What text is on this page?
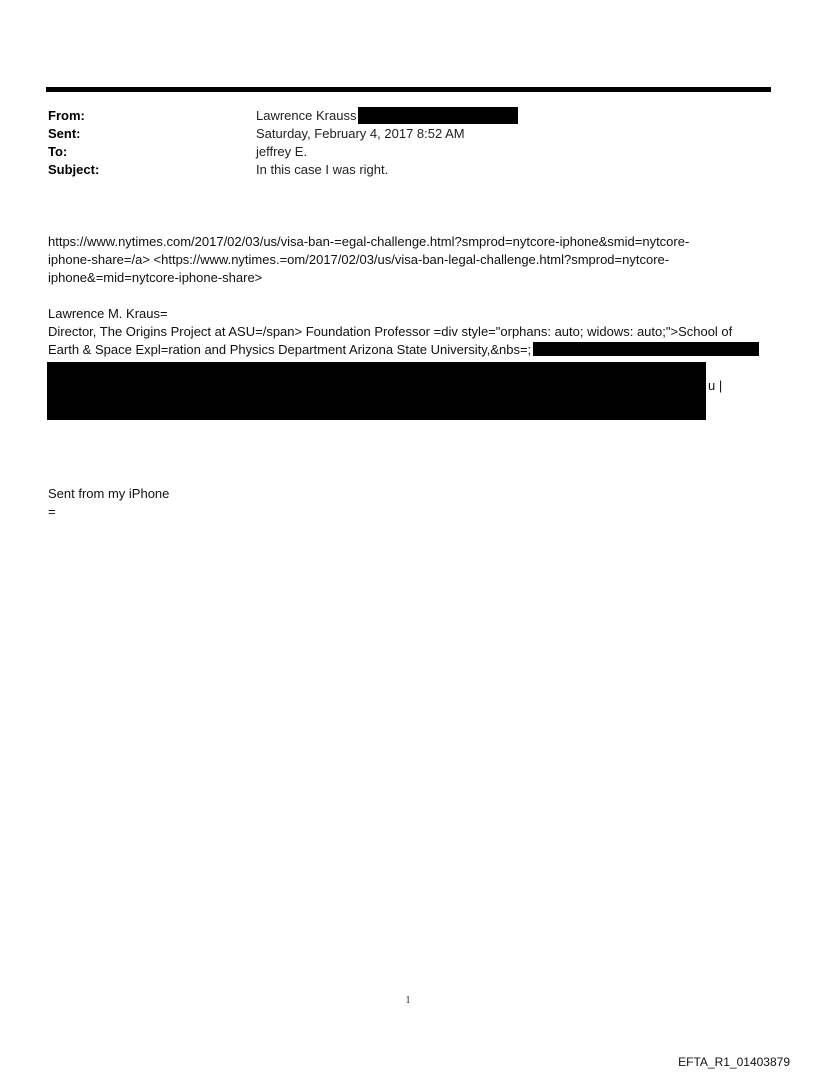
From:	Lawrence Krauss
Sent:	Saturday, February 4, 2017 8:52 AM
To:	jeffrey E.
Subject:	In this case I was right.

https://www.nytimes.com/2017/02/03/us/visa-ban-=egal-challenge.html?smprod=nytcore-iphone&smid=nytcore-

iphone-share=/a> <https://www.nytimes.=om/2017/02/03/us/visa-ban-legal-challenge.html?smprod=nytcore-

iphone&=mid=nytcore-iphone-share>

Lawrence M. Kraus=

Director, The Origins Project at ASU=/span> Foundation Professor =div style="orphans: auto; widows: auto;">School of

Earth & Space Expl=ration and Physics Department Arizona State University,&nbs=;

u |

Sent from my iPhone

=

1
EFTA_R1_01403879
